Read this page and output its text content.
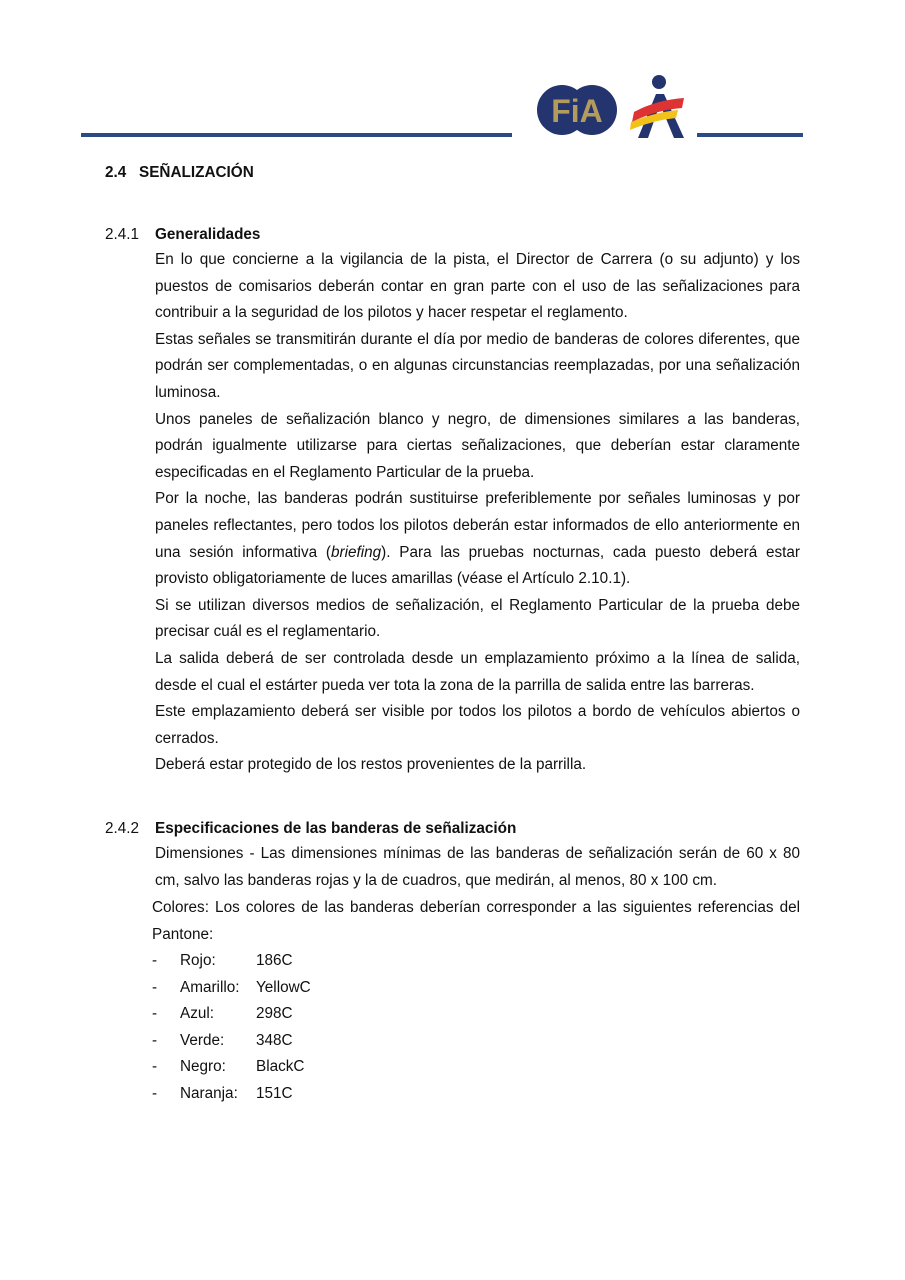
FiA
2.4 SEÑALIZACIÓN
2.4.1 Generalidades

En lo que concierne a la vigilancia de la pista, el Director de Carrera (o su adjunto) y los puestos de comisarios deberán contar en gran parte con el uso de las señalizaciones para contribuir a la seguridad de los pilotos y hacer respetar el reglamento.

Estas señales se transmitirán durante el día por medio de banderas de colores diferentes, que podrán ser complementadas, o en algunas circunstancias reemplazadas, por una señalización luminosa.

Unos paneles de señalización blanco y negro, de dimensiones similares a las banderas, podrán igualmente utilizarse para ciertas señalizaciones, que deberían estar claramente especificadas en el Reglamento Particular de la prueba.

Por la noche, las banderas podrán sustituirse preferiblemente por señales luminosas y por paneles reflectantes, pero todos los pilotos deberán estar informados de ello anteriormente en una sesión informativa (briefing). Para las pruebas nocturnas, cada puesto deberá estar provisto obligatoriamente de luces amarillas (véase el Artículo 2.10.1).

Si se utilizan diversos medios de señalización, el Reglamento Particular de la prueba debe precisar cuál es el reglamentario.

La salida deberá de ser controlada desde un emplazamiento próximo a la línea de salida, desde el cual el estárter pueda ver tota la zona de la parrilla de salida entre las barreras.

Este emplazamiento deberá ser visible por todos los pilotos a bordo de vehículos abiertos o cerrados.

Deberá estar protegido de los restos provenientes de la parrilla.

2.4.2 Especificaciones de las banderas de señalización
Dimensiones - Las dimensiones mínimas de las banderas de señalización serán de 60 x 80 cm, salvo las banderas rojas y la de cuadros, que medirán, al menos, 80 x 100 cm.
Colores: Los colores de las banderas deberían corresponder a las siguientes referencias del Pantone:
- Rojo:	186C
- Amarillo: YellowC
- Azul:	298C
- Verde: 348C
- Negro: BlackC
- Naranja: 151C
